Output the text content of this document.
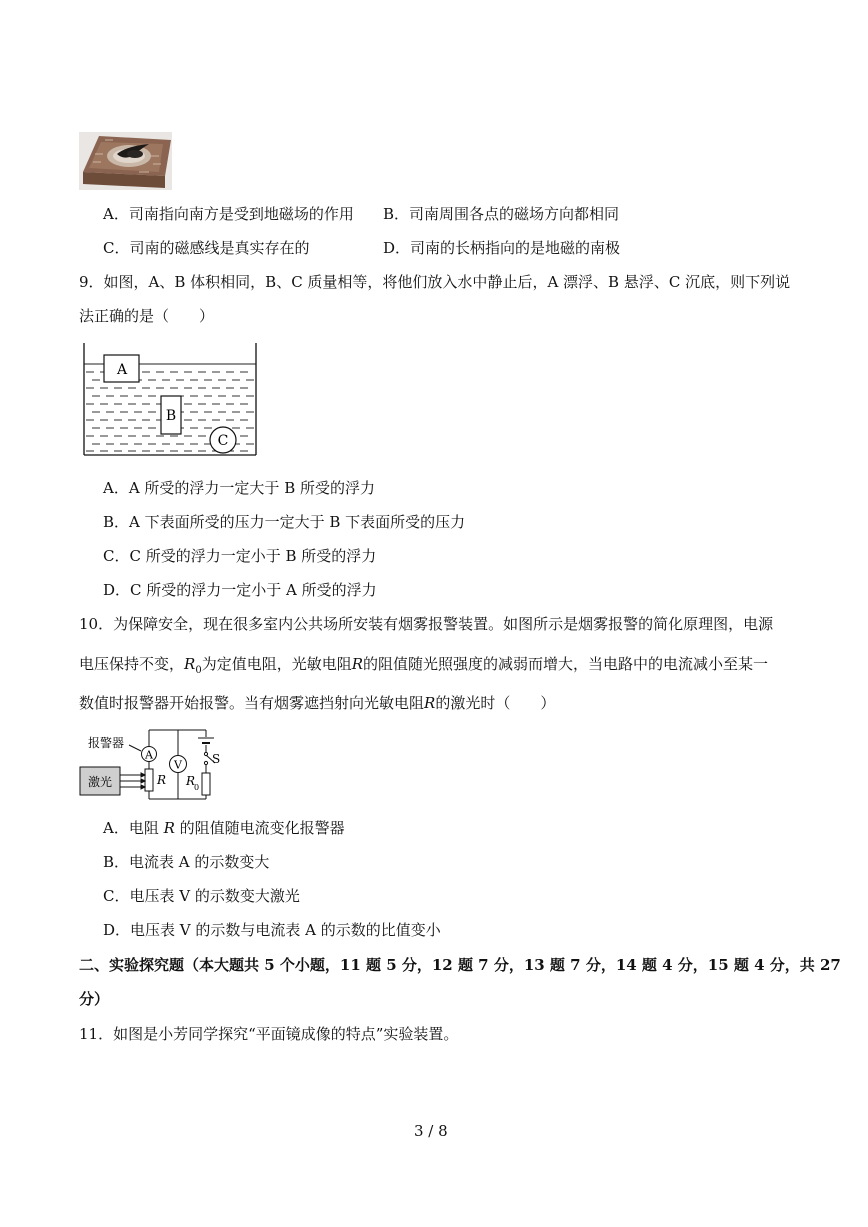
A．司南指向南方是受到地磁场的作用 B．司南周围各点的磁场方向都相同
C．司南的磁感线是真实存在的	D．司南的长柄指向的是地磁的南极
9．如图，A、B 体积相同，B、C 质量相等，将他们放入水中静止后，A 漂浮、B 悬浮、C 沉底，则下列说
法正确的是（　　）
A
B
C
A．A 所受的浮力一定大于 B 所受的浮力
B．A 下表面所受的压力一定大于 B 下表面所受的压力
C．C 所受的浮力一定小于 B 所受的浮力
D．C 所受的浮力一定小于 A 所受的浮力
10．为保障安全，现在很多室内公共场所安装有烟雾报警装置。如图所示是烟雾报警的简化原理图，电源
电压保持不变，$R_0$为定值电阻，光敏电阻R的阻值随光照强度的减弱而增大，当电路中的电流减小至某一
数值时报警器开始报警。当有烟雾遮挡射向光敏电阻R的激光时（　　）
S
A
V
R R
0
激光
报警器
A．电阻 R 的阻值随电流变化报警器
B．电流表 A 的示数变大
C．电压表 V 的示数变大激光
D．电压表 V 的示数与电流表 A 的示数的比值变小
二、实验探究题（本大题共 5 个小题，11 题 5 分，12 题 7 分，13 题 7 分，14 题 4 分，15 题 4 分，共 27
分）
11．如图是小芳同学探究“平面镜成像的特点”实验装置。
3 / 8
